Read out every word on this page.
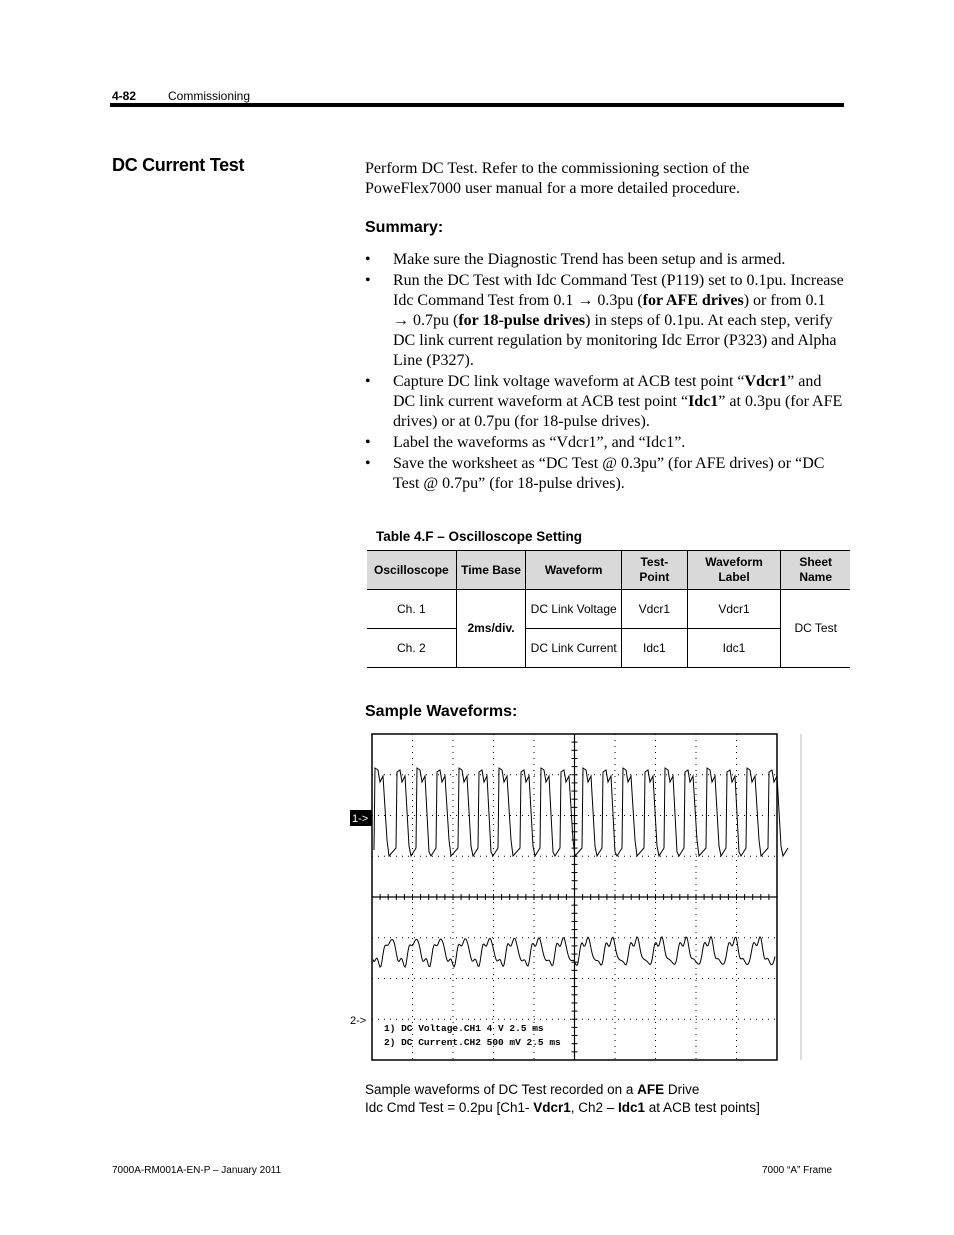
4-82	Commissioning
DC Current Test	Perform DC Test. Refer to the commissioning section of the PoweFlex7000 user manual for a more detailed procedure.
Summary:
• Make sure the Diagnostic Trend has been setup and is armed.
• Run the DC Test with Idc Command Test (P119) set to 0.1pu. Increase Idc Command Test from 0.1 → 0.3pu (for AFE drives) or from 0.1 → 0.7pu (for 18-pulse drives) in steps of 0.1pu. At each step, verify DC link current regulation by monitoring Idc Error (P323) and Alpha Line (P327).
• Capture DC link voltage waveform at ACB test point “Vdcr1” and DC link current waveform at ACB test point “Idc1” at 0.3pu (for AFE drives) or at 0.7pu (for 18-pulse drives).
• Label the waveforms as “Vdcr1”, and “Idc1”.
• Save the worksheet as “DC Test @ 0.3pu” (for AFE drives) or “DC Test @ 0.7pu” (for 18-pulse drives).
Table 4.F – Oscilloscope Setting
Oscilloscope	Time Base	Waveform	Test-Point	Waveform Label	Sheet Name
Ch. 1	2ms/div.	DC Link Voltage	Vdcr1	Vdcr1	DC Test
Ch. 2		DC Link Current	Idc1	Idc1	
Sample Waveforms:
1->
2->
1) DC Voltage.CH1 4 V 2.5 ms
2) DC Current.CH2 500 mV 2.5 ms
Sample waveforms of DC Test recorded on a AFE Drive
Idc Cmd Test = 0.2pu [Ch1- Vdcr1, Ch2 – Idc1 at ACB test points]
7000A-RM001A-EN-P – January 2011	7000 “A” Frame
